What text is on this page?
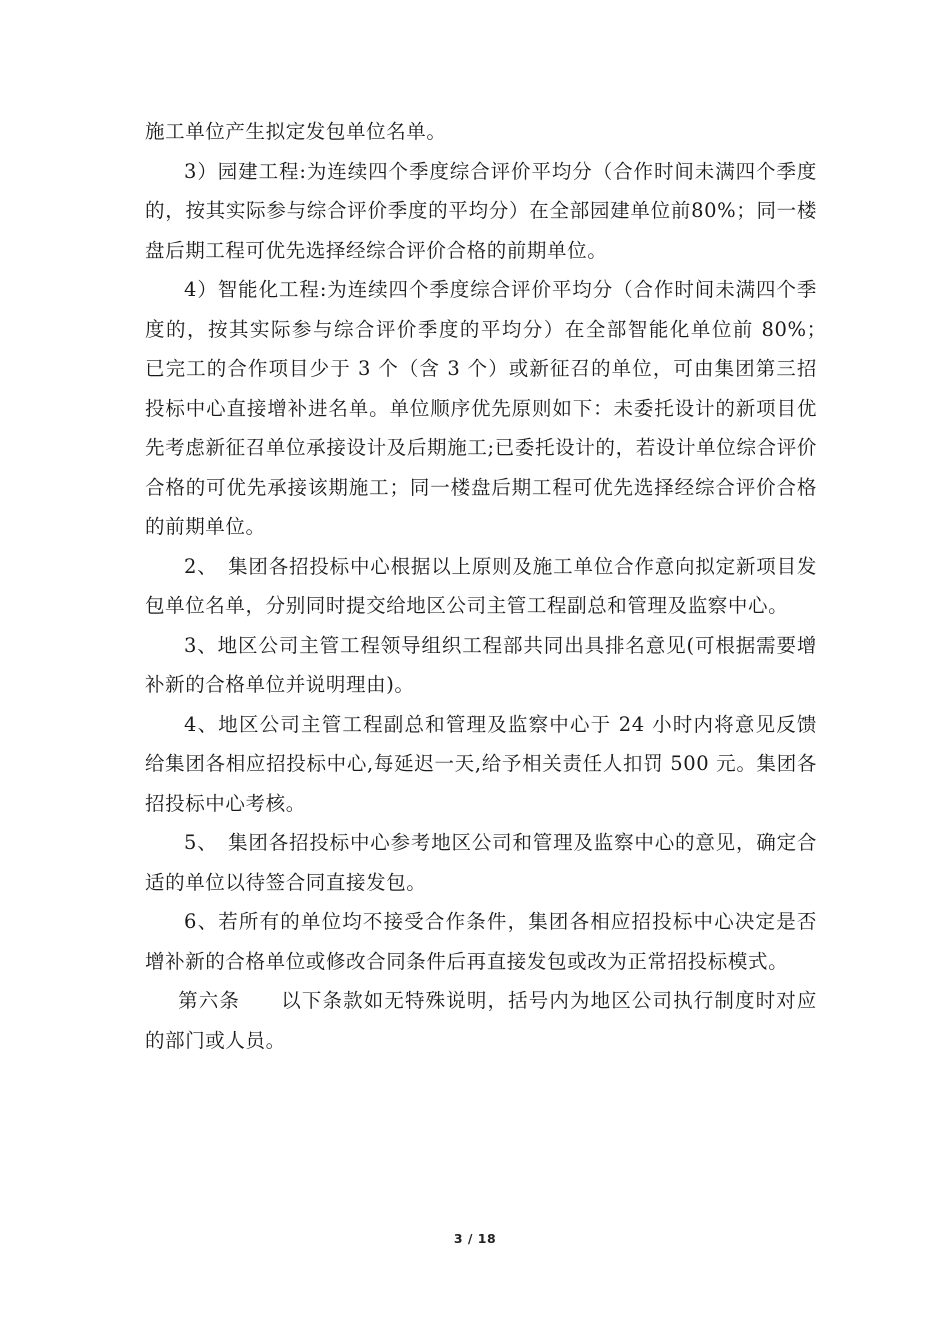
施工单位产生拟定发包单位名单。

3）园建工程:为连续四个季度综合评价平均分（合作时间未满四个季度的，按其实际参与综合评价季度的平均分）在全部园建单位前80%；同一楼盘后期工程可优先选择经综合评价合格的前期单位。

4）智能化工程:为连续四个季度综合评价平均分（合作时间未满四个季度的，按其实际参与综合评价季度的平均分）在全部智能化单位前 80%；　已完工的合作项目少于 3 个（含 3 个）或新征召的单位，可由集团第三招投标中心直接增补进名单。单位顺序优先原则如下：未委托设计的新项目优先考虑新征召单位承接设计及后期施工;已委托设计的，若设计单位综合评价合格的可优先承接该期施工；同一楼盘后期工程可优先选择经综合评价合格的前期单位。

2、　集团各招投标中心根据以上原则及施工单位合作意向拟定新项目发包单位名单，分别同时提交给地区公司主管工程副总和管理及监察中心。

3、地区公司主管工程领导组织工程部共同出具排名意见(可根据需要增补新的合格单位并说明理由)。

4、地区公司主管工程副总和管理及监察中心于 24 小时内将意见反馈给集团各相应招投标中心,每延迟一天,给予相关责任人扣罚 500 元。集团各招投标中心考核。

5、　集团各招投标中心参考地区公司和管理及监察中心的意见，确定合适的单位以待签合同直接发包。

6、若所有的单位均不接受合作条件，集团各相应招投标中心决定是否增补新的合格单位或修改合同条件后再直接发包或改为正常招投标模式。

第六条　　以下条款如无特殊说明，括号内为地区公司执行制度时对应的部门或人员。

3 / 18
